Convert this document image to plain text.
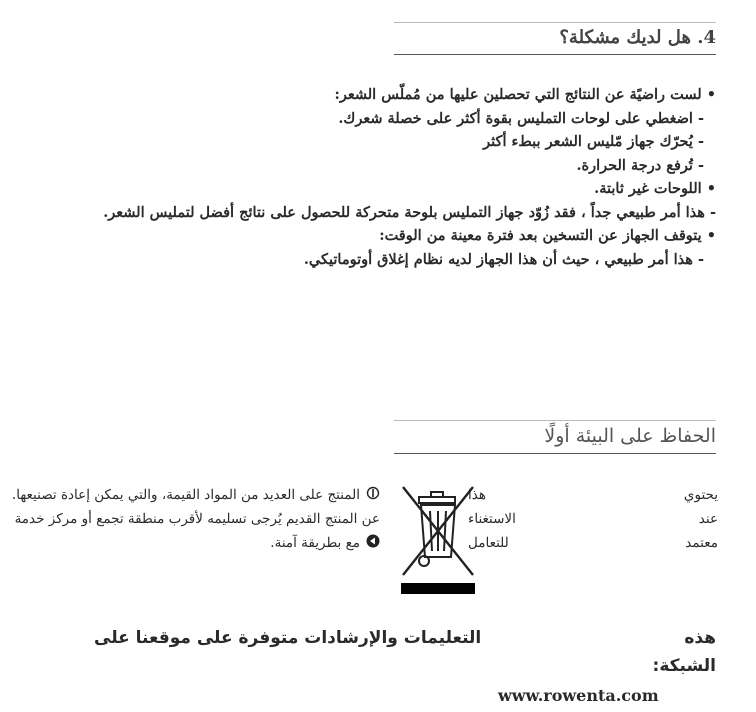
4. هل لديك مشكلة؟
• لست راضيًة عن النتائج التي تحصلين عليها من مُملّس الشعر:
- اضغطي على لوحات التمليس بقوة أكثر على خصلة شعرك.
- يُحرّك جهاز مّليس الشعر ببطء أكثر
- تُرفع درجة الحرارة.
• اللوحات غير ثابتة.
- هذا أمر طبيعي جداً ، فقد زُوّد جهاز التمليس بلوحة متحركة للحصول على نتائج أفضل لتمليس الشعر.
• يتوقف الجهاز عن التسخين بعد فترة معينة من الوقت:
- هذا أمر طبيعي ، حيث أن هذا الجهاز لديه نظام إغلاق أوتوماتيكي.
الحفاظ على البيئة أولًا
يحتوي
هذا
عند
الاستغناء
معتمد
للتعامل
المنتج على العديد من المواد القيمة، والتي يمكن إعادة تصنيعها.
عن المنتج القديم يُرجى تسليمه لأقرب منطقة تجمع أو مركز خدمة
مع بطريقة آمنة.
هذه
التعليمات والإرشادات متوفرة على موقعنا على
الشبكة:
www.rowenta.com
